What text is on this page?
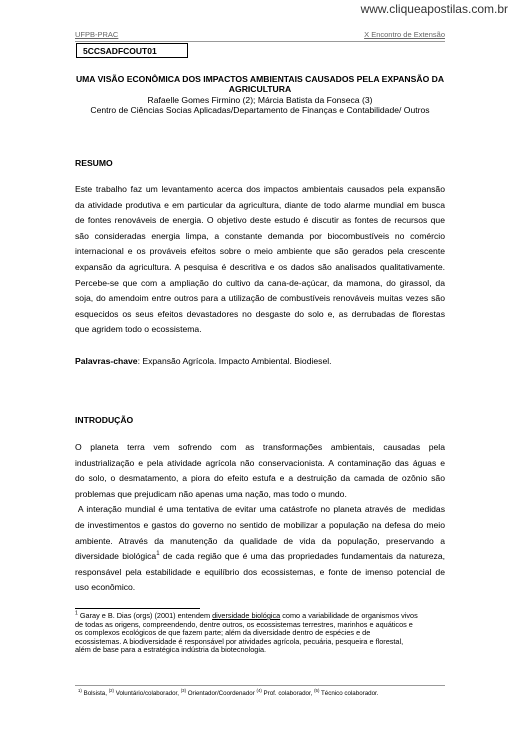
www.cliqueapostilas.com.br
UFPB-PRAC	X Encontro de Extensão
5CCSADFCOUT01
UMA VISÃO ECONÔMICA DOS IMPACTOS AMBIENTAIS CAUSADOS PELA EXPANSÃO DA AGRICULTURA
Rafaelle Gomes Firmino (2); Márcia Batista da Fonseca (3)
Centro de Ciências Socias Aplicadas/Departamento de Finanças e Contabilidade/ Outros
RESUMO
Este trabalho faz um levantamento acerca dos impactos ambientais causados pela expansão
da atividade produtiva e em particular da agricultura, diante de todo alarme mundial em busca
de fontes renováveis de energia. O objetivo deste estudo é discutir as fontes de recursos que
são consideradas energia limpa, a constante demanda por biocombustíveis no comércio
internacional e os prováveis efeitos sobre o meio ambiente que são gerados pela crescente
expansão da agricultura. A pesquisa é descritiva e os dados são analisados qualitativamente.
Percebe-se que com a ampliação do cultivo da cana-de-açúcar, da mamona, do girassol, da
soja, do amendoim entre outros para a utilização de combustíveis renováveis muitas vezes são
esquecidos os seus efeitos devastadores no desgaste do solo e, as derrubadas de florestas
que agridem todo o ecossistema.
Palavras-chave: Expansão Agrícola. Impacto Ambiental. Biodiesel.
INTRODUÇÃO
O planeta terra vem sofrendo com as transformações ambientais, causadas pela
industrialização e pela atividade agrícola não conservacionista. A contaminação das águas e
do solo, o desmatamento, a piora do efeito estufa e a destruição da camada de ozônio são
problemas que prejudicam não apenas uma nação, mas todo o mundo.
A interação mundial é uma tentativa de evitar uma catástrofe no planeta através de  medidas
de investimentos e gastos do governo no sentido de mobilizar a população na defesa do meio
ambiente. Através da manutenção da qualidade de vida da população, preservando a
diversidade biológica$^1$ de cada região que é uma das propriedades fundamentais da natureza,
responsável pela estabilidade e equilíbrio dos ecossistemas, e fonte de imenso potencial de
uso econômico.
$^1$ Garay e B. Dias (orgs) (2001) entendem diversidade biológica como a variabilidade de organismos vivos
de todas as origens, compreendendo, dentre outros, os ecossistemas terrestres, marinhos e aquáticos e
os complexos ecológicos de que fazem parte; além da diversidade dentro de espécies e de
ecossistemas. A biodiversidade é responsável por atividades agrícola, pecuária, pesqueira e florestal,
além de base para a estratégica indústria da biotecnologia.
$^{1)}$ Bolsista, $^{(2)}$ Voluntário/colaborador, $^{(3)}$ Orientador/Coordenador $^{(4)}$ Prof. colaborador, $^{(5)}$ Técnico colaborador.
